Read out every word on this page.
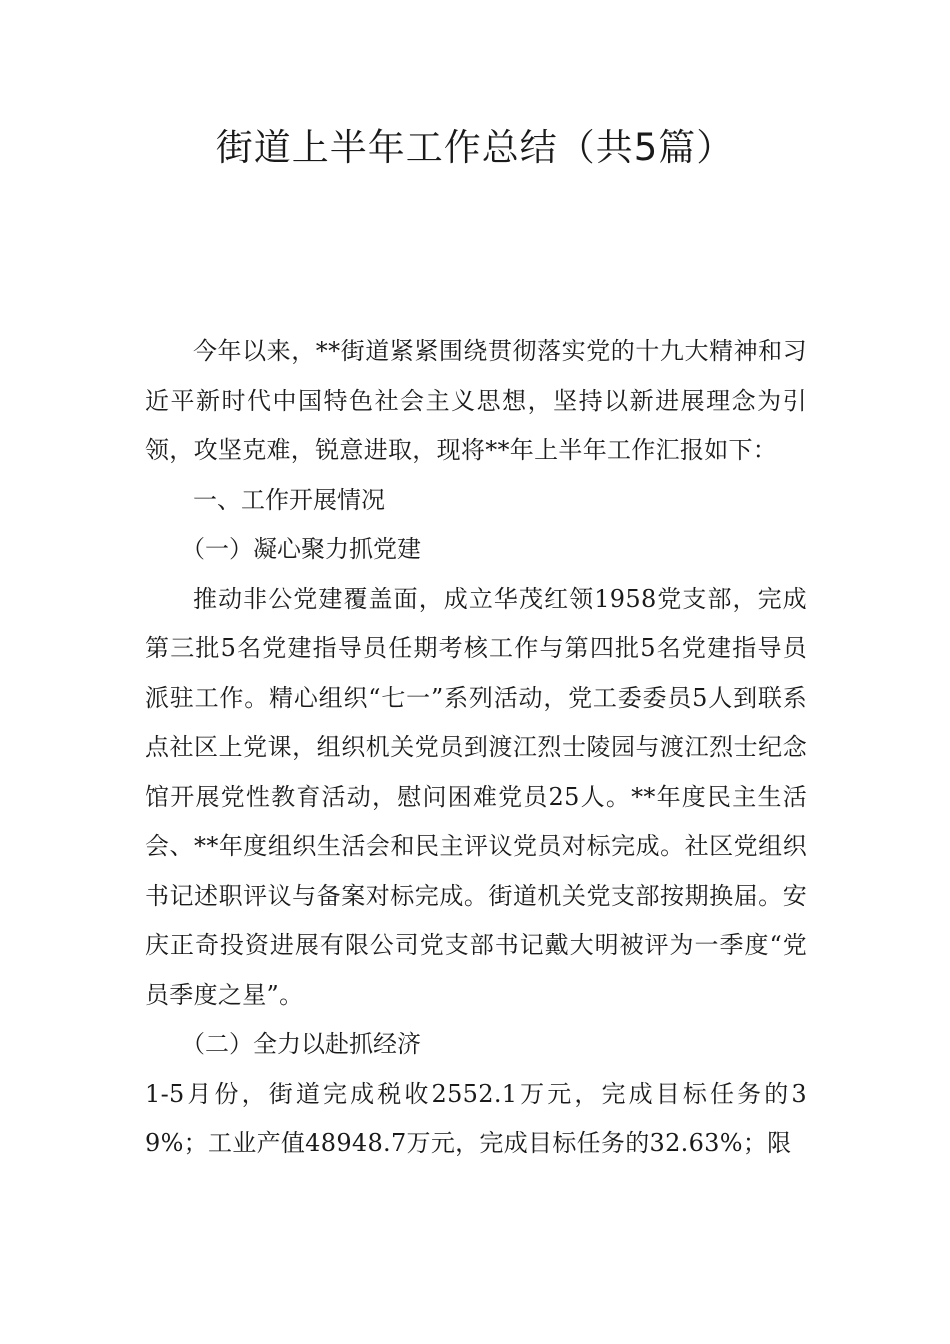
街道上半年工作总结（共5篇）

今年以来，**街道紧紧围绕贯彻落实党的十九大精神和习近平新时代中国特色社会主义思想，坚持以新进展理念为引领，攻坚克难，锐意进取，现将**年上半年工作汇报如下：

一、工作开展情况

（一）凝心聚力抓党建

推动非公党建覆盖面，成立华茂红领1958党支部，完成第三批5名党建指导员任期考核工作与第四批5名党建指导员派驻工作。精心组织“七一”系列活动，党工委委员5人到联系点社区上党课，组织机关党员到渡江烈士陵园与渡江烈士纪念馆开展党性教育活动，慰问困难党员25人。**年度民主生活会、**年度组织生活会和民主评议党员对标完成。社区党组织书记述职评议与备案对标完成。街道机关党支部按期换届。安庆正奇投资进展有限公司党支部书记戴大明被评为一季度“党员季度之星”。

（二）全力以赴抓经济

1-5月份，街道完成税收2552.1万元，完成目标任务的39%；工业产值48948.7万元，完成目标任务的32.63%；限
